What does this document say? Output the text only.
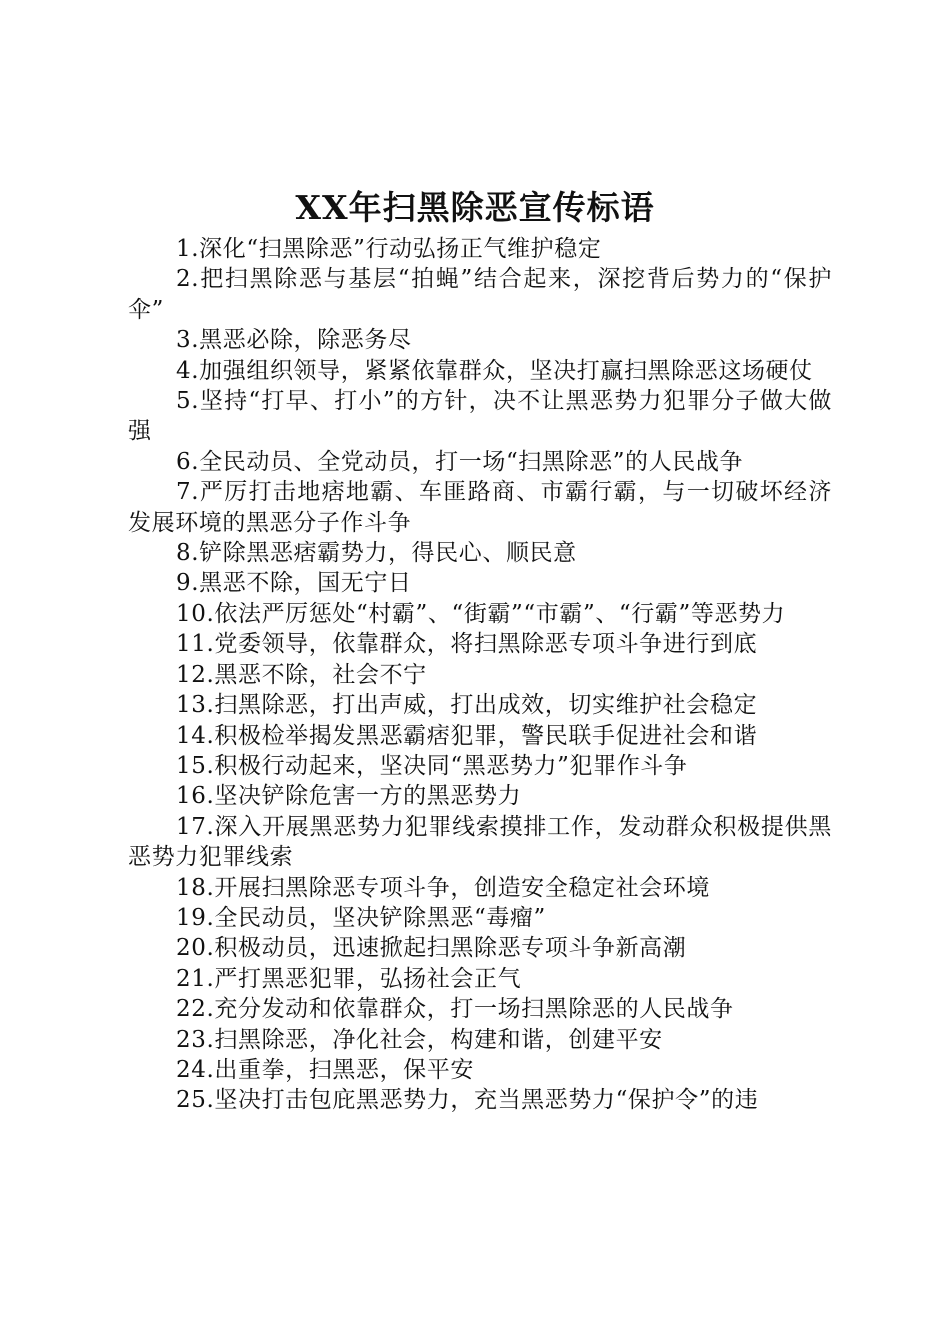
XX年扫黑除恶宣传标语

1.深化“扫黑除恶”行动弘扬正气维护稳定

2.把扫黑除恶与基层“拍蝇”结合起来，深挖背后势力的“保护伞”

3.黑恶必除，除恶务尽

4.加强组织领导，紧紧依靠群众，坚决打赢扫黑除恶这场硬仗

5.坚持“打早、打小”的方针，决不让黑恶势力犯罪分子做大做强

6.全民动员、全党动员，打一场“扫黑除恶”的人民战争

7.严厉打击地痞地霸、车匪路商、市霸行霸，与一切破坏经济发展环境的黑恶分子作斗争

8.铲除黑恶痞霸势力，得民心、顺民意

9.黑恶不除，国无宁日

10.依法严厉惩处“村霸”、“街霸”“市霸”、“行霸”等恶势力

11.党委领导，依靠群众，将扫黑除恶专项斗争进行到底

12.黑恶不除，社会不宁

13.扫黑除恶，打出声威，打出成效，切实维护社会稳定

14.积极检举揭发黑恶霸痞犯罪，警民联手促进社会和谐

15.积极行动起来，坚决同“黑恶势力”犯罪作斗争

16.坚决铲除危害一方的黑恶势力

17.深入开展黑恶势力犯罪线索摸排工作，发动群众积极提供黑恶势力犯罪线索

18.开展扫黑除恶专项斗争，创造安全稳定社会环境

19.全民动员，坚决铲除黑恶“毒瘤”

20.积极动员，迅速掀起扫黑除恶专项斗争新高潮

21.严打黑恶犯罪，弘扬社会正气

22.充分发动和依靠群众，打一场扫黑除恶的人民战争

23.扫黑除恶，净化社会，构建和谐，创建平安

24.出重拳，扫黑恶，保平安

25.坚决打击包庇黑恶势力，充当黑恶势力“保护令”的违
